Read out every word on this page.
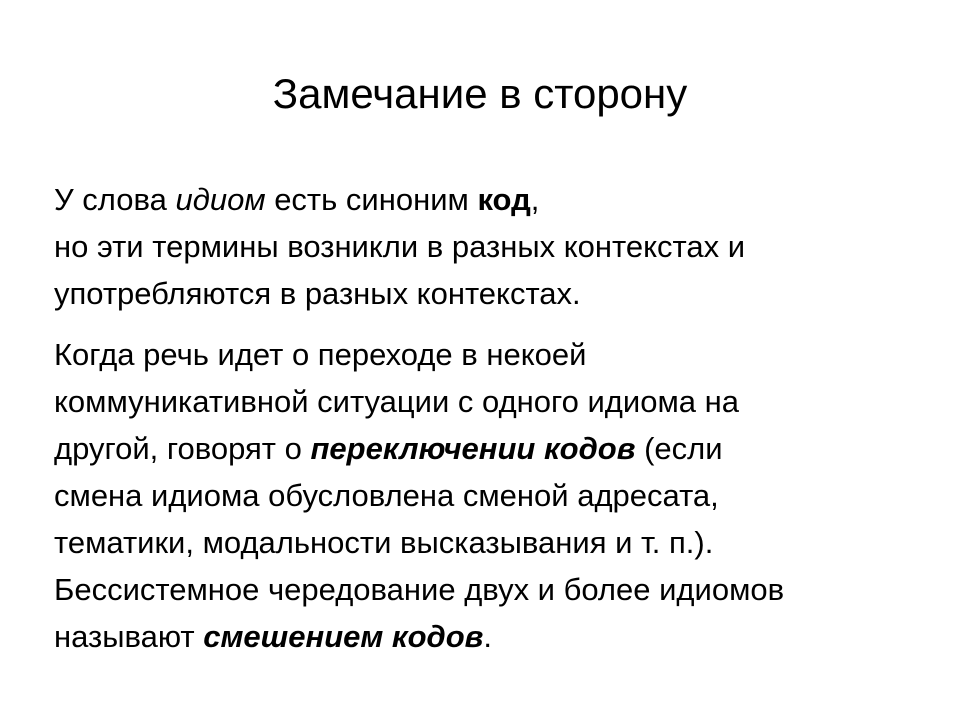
Замечание в сторону
У слова идиом есть синоним код,
но эти термины возникли в разных контекстах и
употребляются в разных контекстах.
Когда речь идет о переходе в некоей
коммуникативной ситуации с одного идиома на
другой, говорят о переключении кодов (если
смена идиома обусловлена сменой адресата,
тематики, модальности высказывания и т. п.).
Бессистемное чередование двух и более идиомов
называют смешением кодов.
